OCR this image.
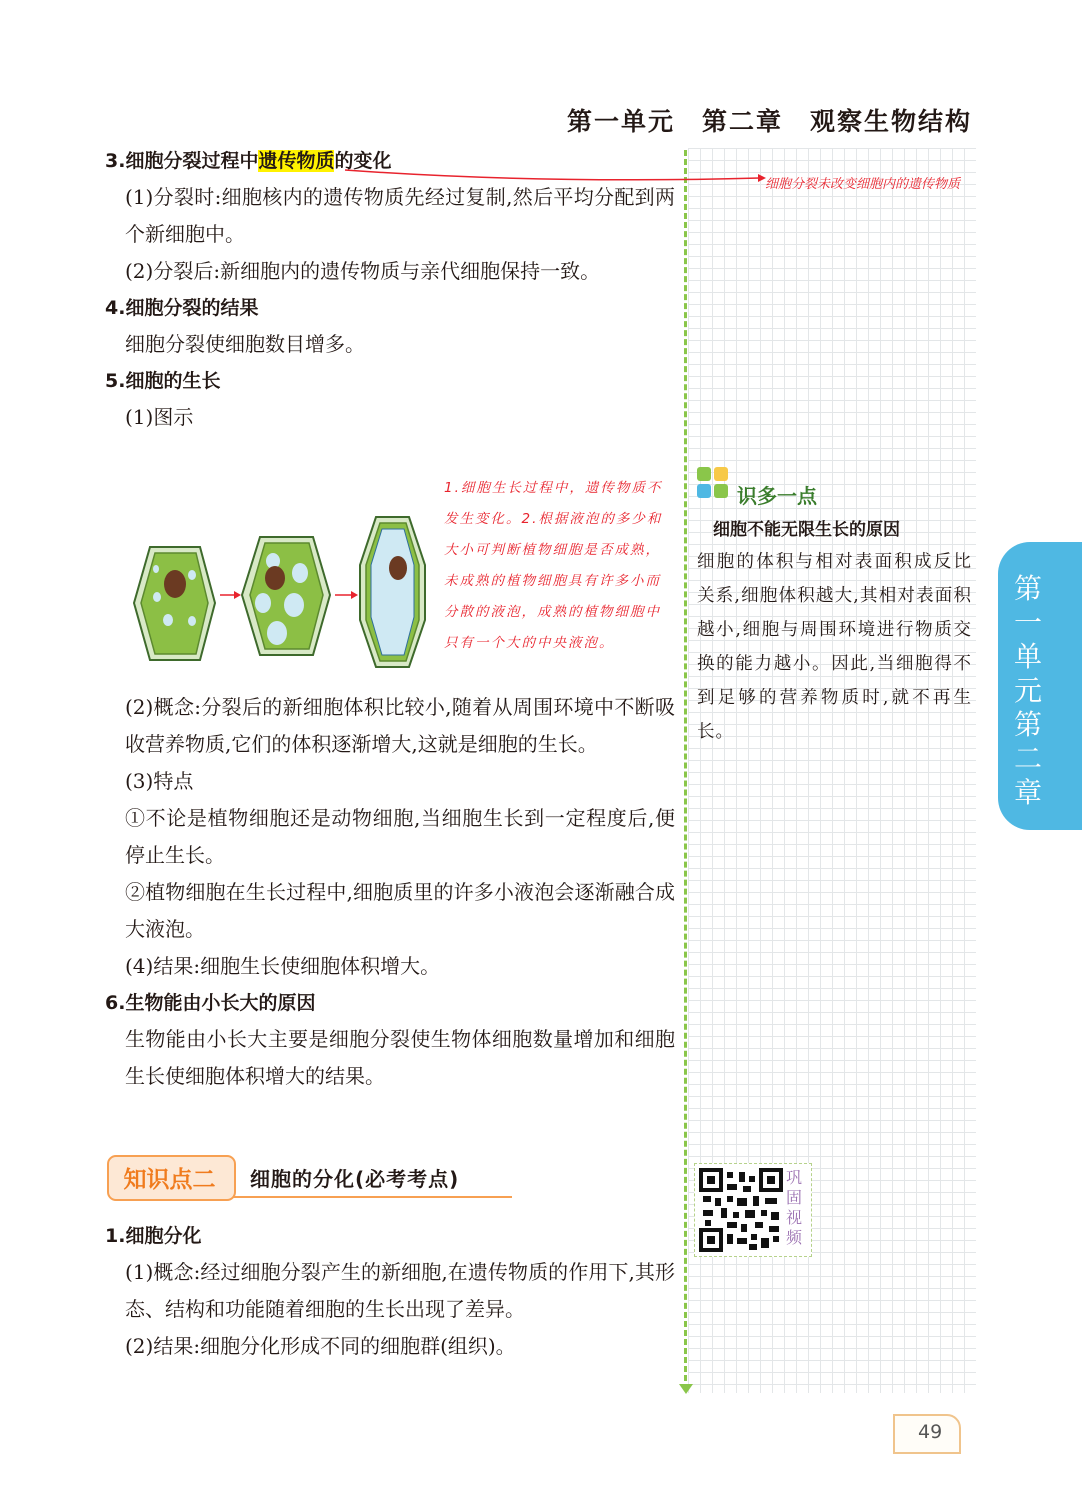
第一单元　第二章　观察生物结构
3.细胞分裂过程中遗传物质的变化
(1)分裂时:细胞核内的遗传物质先经过复制,然后平均分配到两个新细胞中。
(2)分裂后:新细胞内的遗传物质与亲代细胞保持一致。
4.细胞分裂的结果
细胞分裂使细胞数目增多。
5.细胞的生长
(1)图示
(2)概念:分裂后的新细胞体积比较小,随着从周围环境中不断吸收营养物质,它们的体积逐渐增大,这就是细胞的生长。
(3)特点
①不论是植物细胞还是动物细胞,当细胞生长到一定程度后,便停止生长。
②植物细胞在生长过程中,细胞质里的许多小液泡会逐渐融合成大液泡。
(4)结果:细胞生长使细胞体积增大。
6.生物能由小长大的原因
生物能由小长大主要是细胞分裂使生物体细胞数量增加和细胞生长使细胞体积增大的结果。
细胞分裂未改变细胞内的遗传物质
1.细胞生长过程中，遗传物质不发生变化。2.根据液泡的多少和大小可判断植物细胞是否成熟，未成熟的植物细胞具有许多小而分散的液泡，成熟的植物细胞中只有一个大的中央液泡。
识多一点
细胞不能无限生长的原因
细胞的体积与相对表面积成反比关系,细胞体积越大,其相对表面积越小,细胞与周围环境进行物质交换的能力越小。因此,当细胞得不到足够的营养物质时,就不再生长。
第一单元第二章
知识点二	细胞的分化(必考考点)
1.细胞分化
(1)概念:经过细胞分裂产生的新细胞,在遗传物质的作用下,其形态、结构和功能随着细胞的生长出现了差异。
(2)结果:细胞分化形成不同的细胞群(组织)。
巩固视频
49
